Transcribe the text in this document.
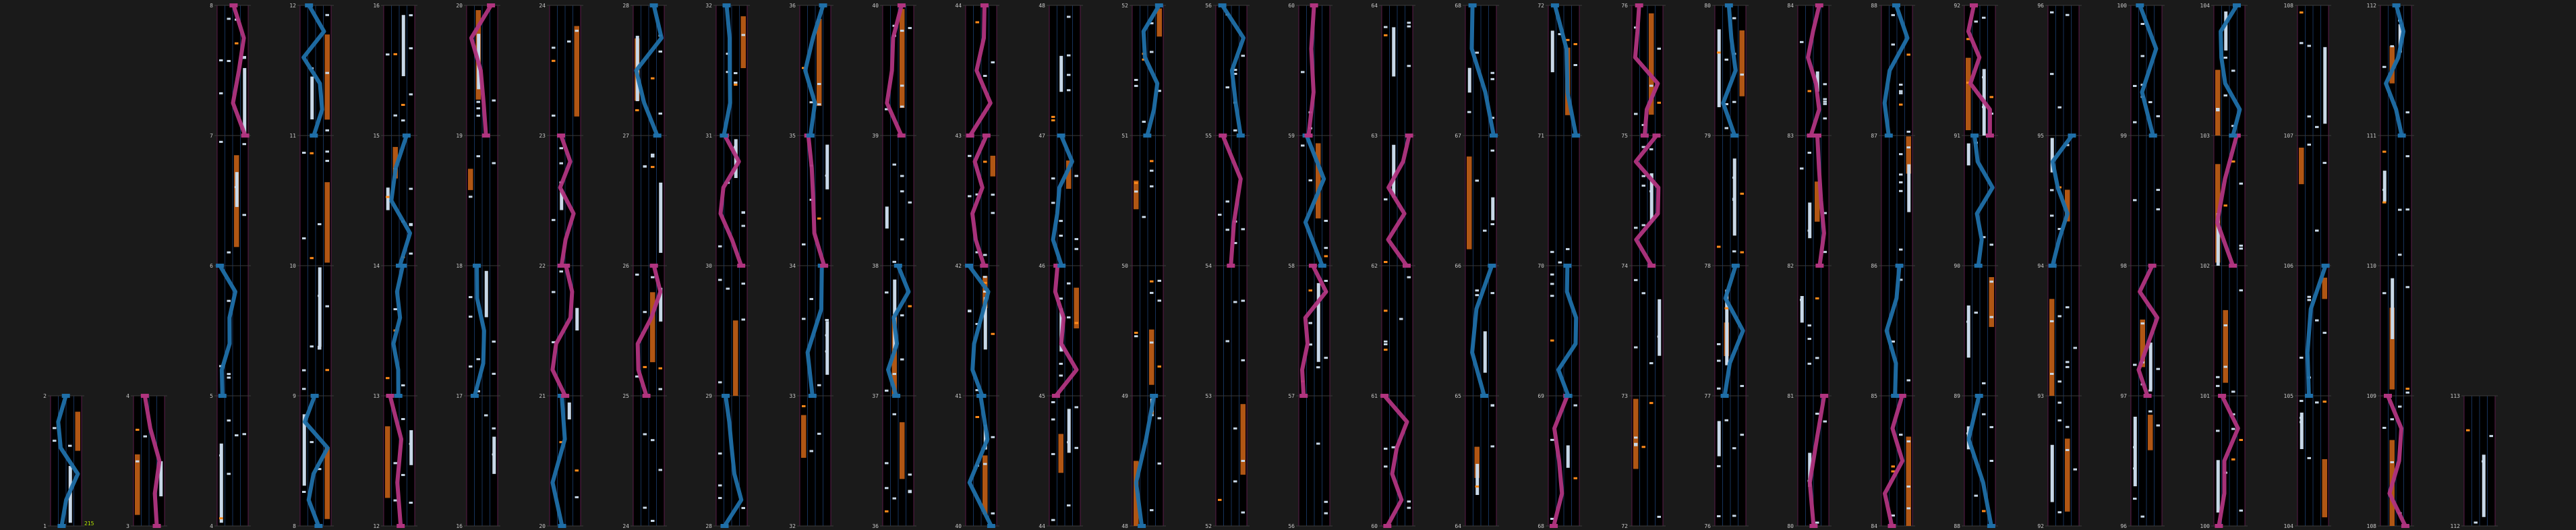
1
2
3
4
4
5
6
7
8
8
9
10
11
12
12
13
14
15
16
16
17
18
19
20
20
21
22
23
24
24
25
26
27
28
28
29
30
31
32
32
33
34
35
36
36
37
38
39
40
40
41
42
43
44
44
45
46
47
48
48
49
50
51
52
52
53
54
55
56
56
57
58
59
60
60
61
62
63
64
64
65
66
67
68
68
69
70
71
72
72
73
74
75
76
76
77
78
79
80
80
81
82
83
84
84
85
86
87
88
88
89
90
91
92
92
93
94
95
96
96
97
98
99
100
100
101
102
103
104
104
105
106
107
108
108
109
110
111
112
112
113
215
